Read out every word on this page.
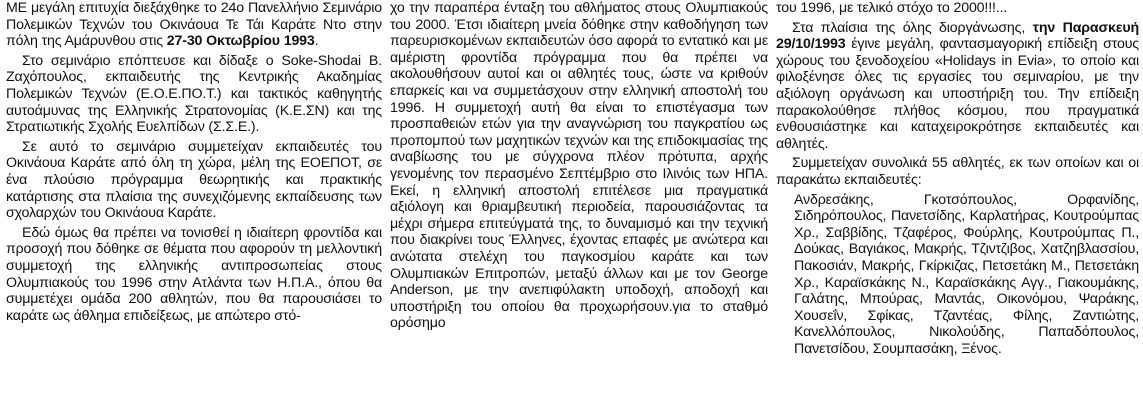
ΜΕ μεγάλη επιτυχία διεξάχθηκε το 24ο Πανελλήνιο Σεμινάριο Πολεμικών Τεχνών του Οκινάουα Τε Τάι Καράτε Ντο στην πόλη της Αμάρυνθου στις 27-30 Οκτωβρίου 1993.

Στο σεμινάριο επόπτευσε και δίδαξε ο Soke-Shodai Β. Ζαχόπουλος, εκπαιδευτής της Κεντρικής Ακαδημίας Πολεμικών Τεχνών (Ε.Ο.Ε.ΠΟ.Τ.) και τακτικός καθηγητής αυτοάμυνας της Ελληνικής Στρατονομίας (Κ.Ε.ΣΝ) και της Στρατιωτικής Σχολής Ευελπίδων (Σ.Σ.Ε.).

Σε αυτό το σεμινάριο συμμετείχαν εκπαιδευτές του Οκινάουα Καράτε από όλη τη χώρα, μέλη της ΕΟΕΠΟΤ, σε ένα πλούσιο πρόγραμμα θεωρητικής και πρακτικής κατάρτισης στα πλαίσια της συνεχιζόμενης εκπαίδευσης των σχολαρχών του Οκινάουα Καράτε.

Εδώ όμως θα πρέπει να τονισθεί η ιδιαίτερη φροντίδα και προσοχή που δόθηκε σε θέματα που αφορούν τη μελλοντική συμμετοχή της ελληνικής αντιπροσωπείας στους Ολυμπιακούς του 1996 στην Ατλάντα των Η.Π.Α., όπου θα συμμετέχει ομάδα 200 αθλητών, που θα παρουσιάσει το καράτε ως άθλημα επιδείξεως, με απώτερο στό-

χο την παραπέρα ένταξη του αθλήματος στους Ολυμπιακούς του 2000. Έτσι ιδιαίτερη μνεία δόθηκε στην καθοδήγηση των παρευρισκομένων εκπαιδευτών όσο αφορά το εντατικό και με αμέριστη φροντίδα πρόγραμμα που θα πρέπει να ακολουθήσουν αυτοί και οι αθλητές τους, ώστε να κριθούν επαρκείς και να συμμετάσχουν στην ελληνική αποστολή του 1996. Η συμμετοχή αυτή θα είναι το επιστέγασμα των προσπαθειών ετών για την αναγνώριση του παγκρατίου ως προπομπού των μαχητικών τεχνών και της επιδοκιμασίας της αναβίωσης του με σύγχρονα πλέον πρότυπα, αρχής γενομένης τον περασμένο Σεπτέμβριο στο Ιλινόις των ΗΠΑ. Εκεί, η ελληνική αποστολή επιτέλεσε μια πραγματικά αξιόλογη και θριαμβευτική περιοδεία, παρουσιάζοντας τα μέχρι σήμερα επιτεύγματά της, το δυναμισμό και την τεχνική που διακρίνει τους Έλληνες, έχοντας επαφές με ανώτερα και ανώτατα στελέχη του παγκοσμίου καράτε και των Ολυμπιακών Επιτροπών, μεταξύ άλλων και με τον George Anderson, με την ανεπιφύλακτη υποδοχή, αποδοχή και υποστήριξη του οποίου θα προχωρήσουν.για το σταθμό ορόσημο

του 1996, με τελικό στόχο το 2000!!!...

Στα πλαίσια της όλης διοργάνωσης, την Παρασκευή 29/10/1993 έγινε μεγάλη, φαντασμαγορική επίδειξη στους χώρους του ξενοδοχείου «Holidays in Evia», το οποίο και φιλοξένησε όλες τις εργασίες του σεμιναρίου, με την αξιόλογη οργάνωση και υποστήριξη του. Την επίδειξη παρακολούθησε πλήθος κόσμου, που πραγματικά ενθουσιάστηκε και καταχειροκρότησε εκπαιδευτές και αθλητές.

Συμμετείχαν συνολικά 55 αθλητές, εκ των οποίων και οι παρακάτω εκπαιδευτές:

Ανδρεσάκης, Γκοτσόπουλος, Ορφανίδης, Σιδηρόπουλος, Πανετσίδης, Καρλατήρας, Κουτρούμπας Χρ., Σαββίδης, Τζαφέρος, Φούρλης, Κουτρούμπας Π., Δούκας, Βαγιάκος, Μακρής, Τζιντζιβος, Χατζηβλασσίου, Πακοσιάν, Μακρής, Γκίρκιζας, Πετσετάκη Μ., Πετσετάκη Χρ., Καραϊσκάκης Ν., Καραϊσκάκης Αγγ., Γιακουμάκης, Γαλάτης, Μπούρας, Μαντάς, Οικονόμου, Ψαράκης, Χουσεΐν, Σφίκας, Τζαντέας, Φίλης, Ζαντιώτης, Κανελλόπουλος, Νικολούδης, Παπαδόπουλος, Πανετσίδου, Σουμπασάκη, Ξένος.
